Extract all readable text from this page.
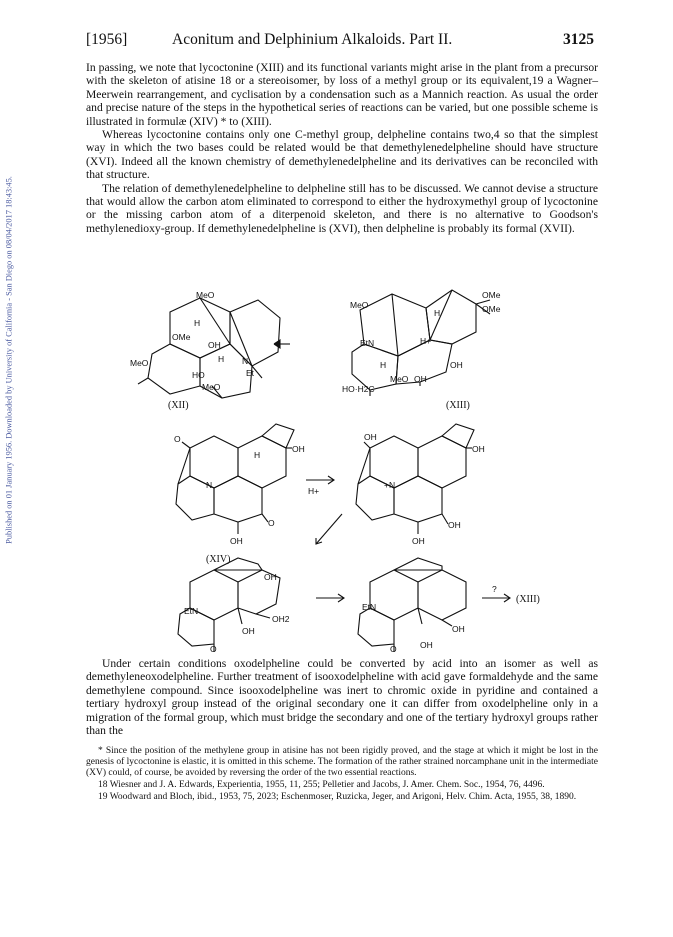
Published on 01 January 1956. Downloaded by University of California - San Diego on 08/04/2017 18:43:45.
[1956]	Aconitum and Delphinium Alkaloids. Part II.	3125

In passing, we note that lycoctonine (XIII) and its functional variants might arise in the plant from a precursor with the skeleton of atisine 18 or a stereoisomer, by loss of a methyl group or its equivalent,19 a Wagner–Meerwein rearrangement, and cyclisation by a condensation such as a Mannich reaction. As usual the order and precise nature of the steps in the hypothetical series of reactions can be varied, but one possible scheme is illustrated in formulæ (XIV) * to (XIII).

Whereas lycoctonine contains only one C-methyl group, delpheline contains two,4 so that the simplest way in which the two bases could be related would be that demethylenedelpheline should have structure (XVI). Indeed all the known chemistry of demethylenedelpheline and its derivatives can be reconciled with that structure.

The relation of demethylenedelpheline to delpheline still has to be discussed. We cannot devise a structure that would allow the carbon atom eliminated to correspond to either the hydroxymethyl group of lycoctonine or the missing carbon atom of a diterpenoid skeleton, and there is no alternative to Goodson's methylenedioxy-group. If demethylenedelpheline is (XVI), then delpheline is probably its formal (XVII).

MeO
H
OMe
OH
H N
Et
HO
MeO
MeO
(XII)
MeO
OMe
OMe
H
EtN	H+
OH
H
MeO OH
HO·H2C
(XIII)
O
H
OH
N
O
OH
(XIV)
H+
OH
OH
+N
OH
OH
OH
EtN
OH2
OH
O
EtN
OH
O	OH
?
(XIII)

Under certain conditions oxodelpheline could be converted by acid into an isomer as well as demethyleneoxodelpheline. Further treatment of isooxodelpheline with acid gave formaldehyde and the same demethylene compound. Since isooxodelpheline was inert to chromic oxide in pyridine and contained a tertiary hydroxyl group instead of the original secondary one it can differ from oxodelpheline only in a migration of the formal group, which must bridge the secondary and one of the tertiary hydroxyl groups rather than the

* Since the position of the methylene group in atisine has not been rigidly proved, and the stage at which it might be lost in the genesis of lycoctonine is elastic, it is omitted in this scheme. The formation of the rather strained norcamphane unit in the intermediate (XV) could, of course, be avoided by reversing the order of the two essential reactions.

18 Wiesner and J. A. Edwards, Experientia, 1955, 11, 255; Pelletier and Jacobs, J. Amer. Chem. Soc., 1954, 76, 4496.

19 Woodward and Bloch, ibid., 1953, 75, 2023; Eschenmoser, Ruzicka, Jeger, and Arigoni, Helv. Chim. Acta, 1955, 38, 1890.
